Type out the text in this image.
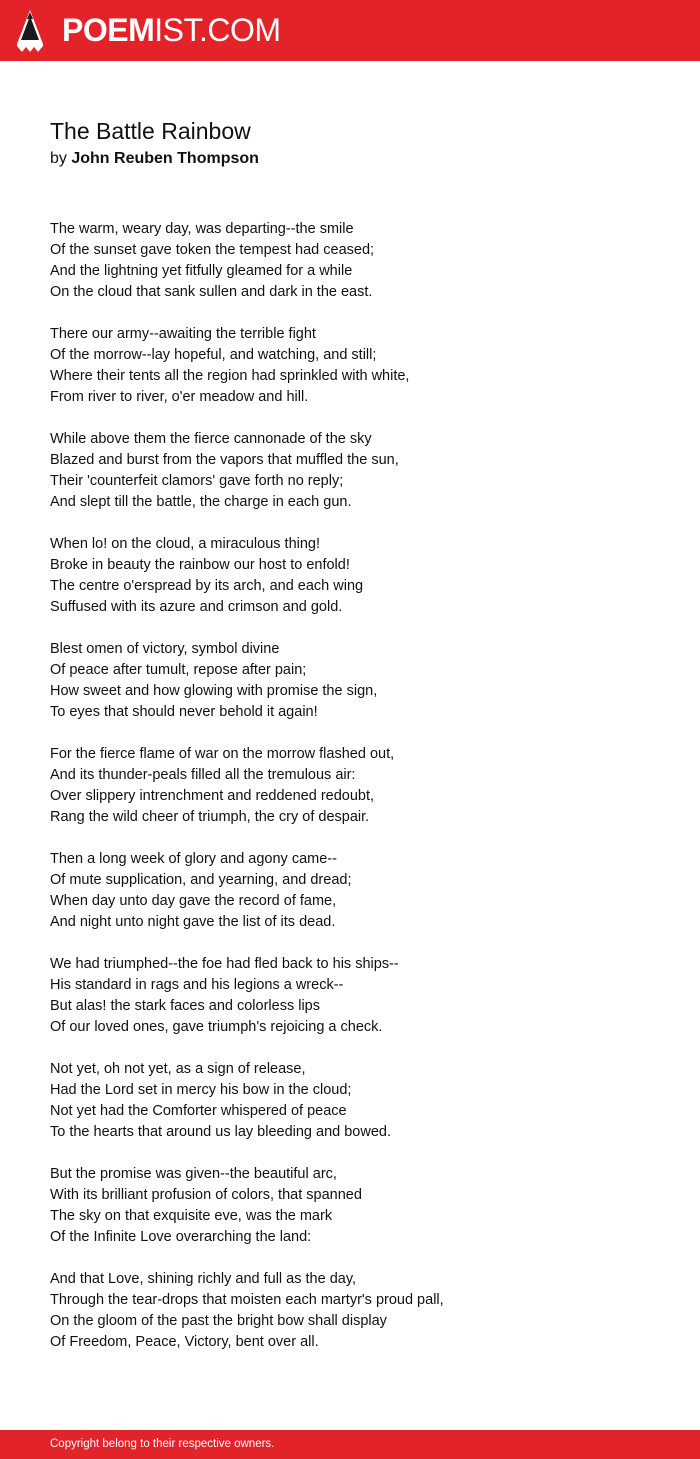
POEMIST.COM
The Battle Rainbow
by John Reuben Thompson
The warm, weary day, was departing--the smile
Of the sunset gave token the tempest had ceased;
And the lightning yet fitfully gleamed for a while
On the cloud that sank sullen and dark in the east.
There our army--awaiting the terrible fight
Of the morrow--lay hopeful, and watching, and still;
Where their tents all the region had sprinkled with white,
From river to river, o'er meadow and hill.
While above them the fierce cannonade of the sky
Blazed and burst from the vapors that muffled the sun,
Their 'counterfeit clamors' gave forth no reply;
And slept till the battle, the charge in each gun.
When lo! on the cloud, a miraculous thing!
Broke in beauty the rainbow our host to enfold!
The centre o'erspread by its arch, and each wing
Suffused with its azure and crimson and gold.
Blest omen of victory, symbol divine
Of peace after tumult, repose after pain;
How sweet and how glowing with promise the sign,
To eyes that should never behold it again!
For the fierce flame of war on the morrow flashed out,
And its thunder-peals filled all the tremulous air:
Over slippery intrenchment and reddened redoubt,
Rang the wild cheer of triumph, the cry of despair.
Then a long week of glory and agony came--
Of mute supplication, and yearning, and dread;
When day unto day gave the record of fame,
And night unto night gave the list of its dead.
We had triumphed--the foe had fled back to his ships--
His standard in rags and his legions a wreck--
But alas! the stark faces and colorless lips
Of our loved ones, gave triumph's rejoicing a check.
Not yet, oh not yet, as a sign of release,
Had the Lord set in mercy his bow in the cloud;
Not yet had the Comforter whispered of peace
To the hearts that around us lay bleeding and bowed.
But the promise was given--the beautiful arc,
With its brilliant profusion of colors, that spanned
The sky on that exquisite eve, was the mark
Of the Infinite Love overarching the land:
And that Love, shining richly and full as the day,
Through the tear-drops that moisten each martyr's proud pall,
On the gloom of the past the bright bow shall display
Of Freedom, Peace, Victory, bent over all.
Copyright belong to their respective owners.
